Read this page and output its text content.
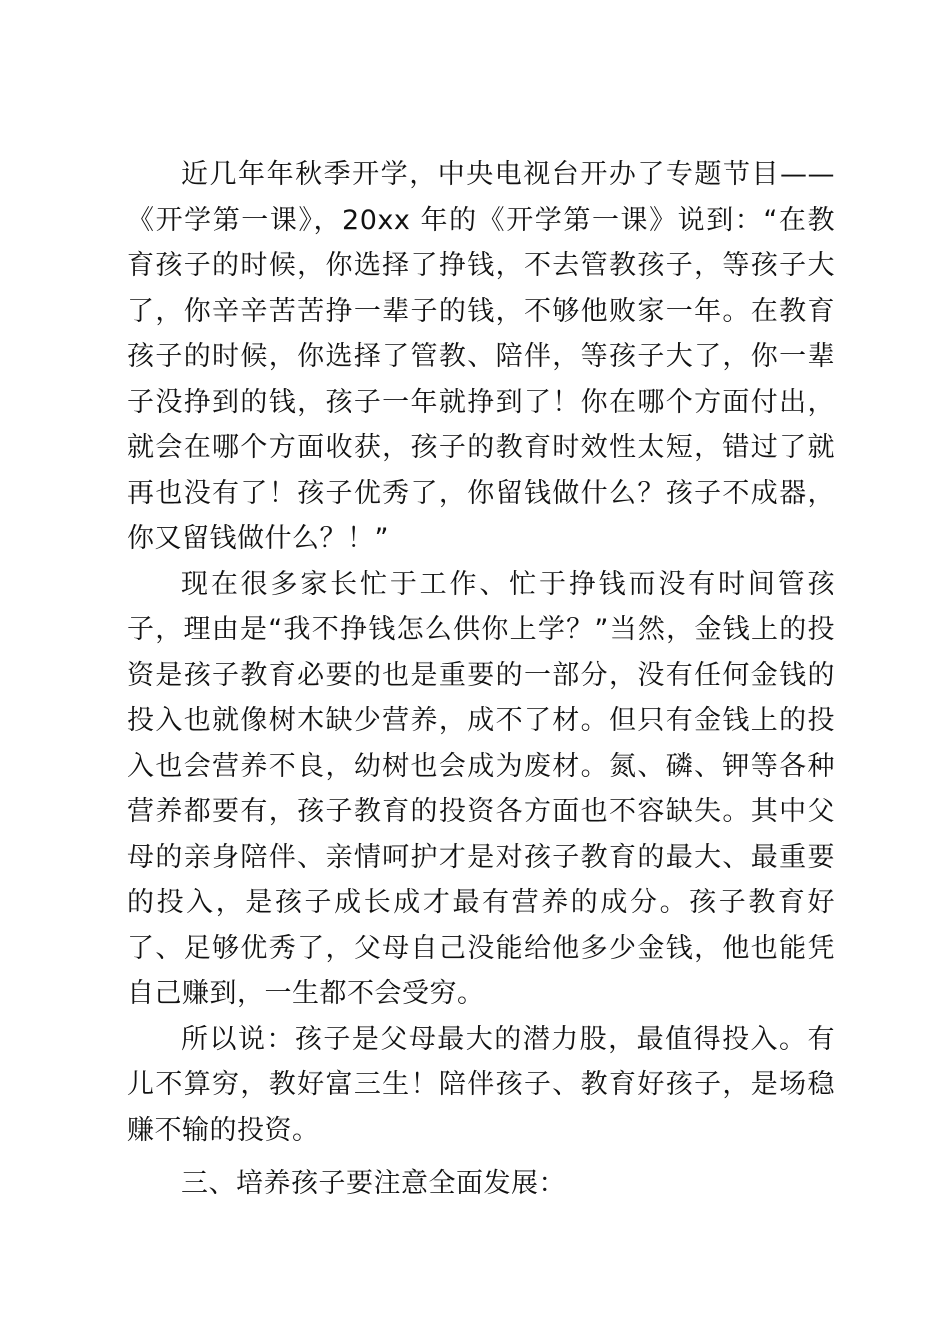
近几年年秋季开学，中央电视台开办了专题节目——《开学第一课》，20xx 年的《开学第一课》说到：“在教育孩子的时候，你选择了挣钱，不去管教孩子，等孩子大了，你辛辛苦苦挣一辈子的钱，不够他败家一年。在教育孩子的时候，你选择了管教、陪伴，等孩子大了，你一辈子没挣到的钱，孩子一年就挣到了！你在哪个方面付出，就会在哪个方面收获，孩子的教育时效性太短，错过了就再也没有了！孩子优秀了，你留钱做什么？孩子不成器，你又留钱做什么？！”

现在很多家长忙于工作、忙于挣钱而没有时间管孩子，理由是“我不挣钱怎么供你上学？”当然，金钱上的投资是孩子教育必要的也是重要的一部分，没有任何金钱的投入也就像树木缺少营养，成不了材。但只有金钱上的投入也会营养不良，幼树也会成为废材。氮、磷、钾等各种营养都要有，孩子教育的投资各方面也不容缺失。其中父母的亲身陪伴、亲情呵护才是对孩子教育的最大、最重要的投入，是孩子成长成才最有营养的成分。孩子教育好了、足够优秀了，父母自己没能给他多少金钱，他也能凭自己赚到，一生都不会受穷。

所以说：孩子是父母最大的潜力股，最值得投入。有儿不算穷，教好富三生！陪伴孩子、教育好孩子，是场稳赚不输的投资。

三、培养孩子要注意全面发展：
